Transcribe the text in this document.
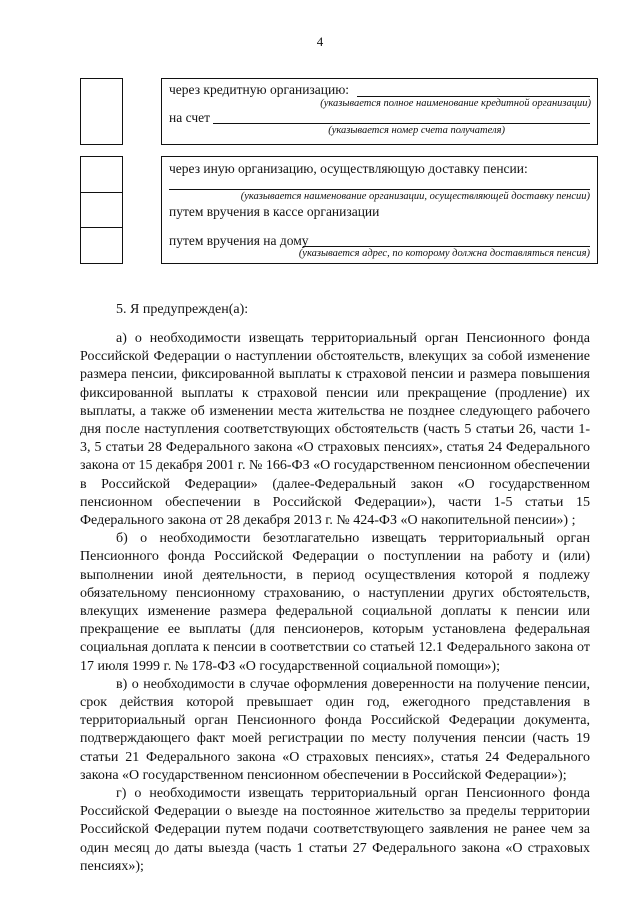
4
через кредитную организацию:
(указывается полное наименование кредитной организации)
на счет
(указывается номер счета получателя)
через иную организацию, осуществляющую доставку пенсии:
(указывается наименование организации, осуществляющей доставку пенсии)
путем вручения в кассе организации
путем вручения на дому
(указывается адрес, по которому должна доставляться пенсия)
5. Я предупрежден(а):

а) о необходимости извещать территориальный орган Пенсионного фонда Российской Федерации о наступлении обстоятельств, влекущих за собой изменение размера пенсии, фиксированной выплаты к страховой пенсии и размера повышения фиксированной выплаты к страховой пенсии или прекращение (продление) их выплаты, а также об изменении места жительства не позднее следующего рабочего дня после наступления соответствующих обстоятельств (часть 5 статьи 26, части 1-3, 5 статьи 28 Федерального закона «О страховых пенсиях», статья 24 Федерального закона от 15 декабря 2001 г. № 166-ФЗ «О государственном пенсионном обеспечении в Российской Федерации» (далее-Федеральный закон «О государственном пенсионном обеспечении в Российской Федерации»), части 1-5 статьи 15 Федерального закона от 28 декабря 2013 г. № 424-ФЗ «О накопительной пенсии») ;

б) о необходимости безотлагательно извещать территориальный орган Пенсионного фонда Российской Федерации о поступлении на работу и (или) выполнении иной деятельности, в период осуществления которой я подлежу обязательному пенсионному страхованию, о наступлении других обстоятельств, влекущих изменение размера федеральной социальной доплаты к пенсии или прекращение ее выплаты (для пенсионеров, которым установлена федеральная социальная доплата к пенсии в соответствии со статьей 12.1 Федерального закона от 17 июля 1999 г. № 178-ФЗ «О государственной социальной помощи»);

в) о необходимости в случае оформления доверенности на получение пенсии, срок действия которой превышает один год, ежегодного представления в территориальный орган Пенсионного фонда Российской Федерации документа, подтверждающего факт моей регистрации по месту получения пенсии (часть 19 статьи 21 Федерального закона «О страховых пенсиях», статья 24 Федерального закона «О государственном пенсионном обеспечении в Российской Федерации»);

г) о необходимости извещать территориальный орган Пенсионного фонда Российской Федерации о выезде на постоянное жительство за пределы территории Российской Федерации путем подачи соответствующего заявления не ранее чем за один месяц до даты выезда (часть 1 статьи 27 Федерального закона «О страховых пенсиях»);
